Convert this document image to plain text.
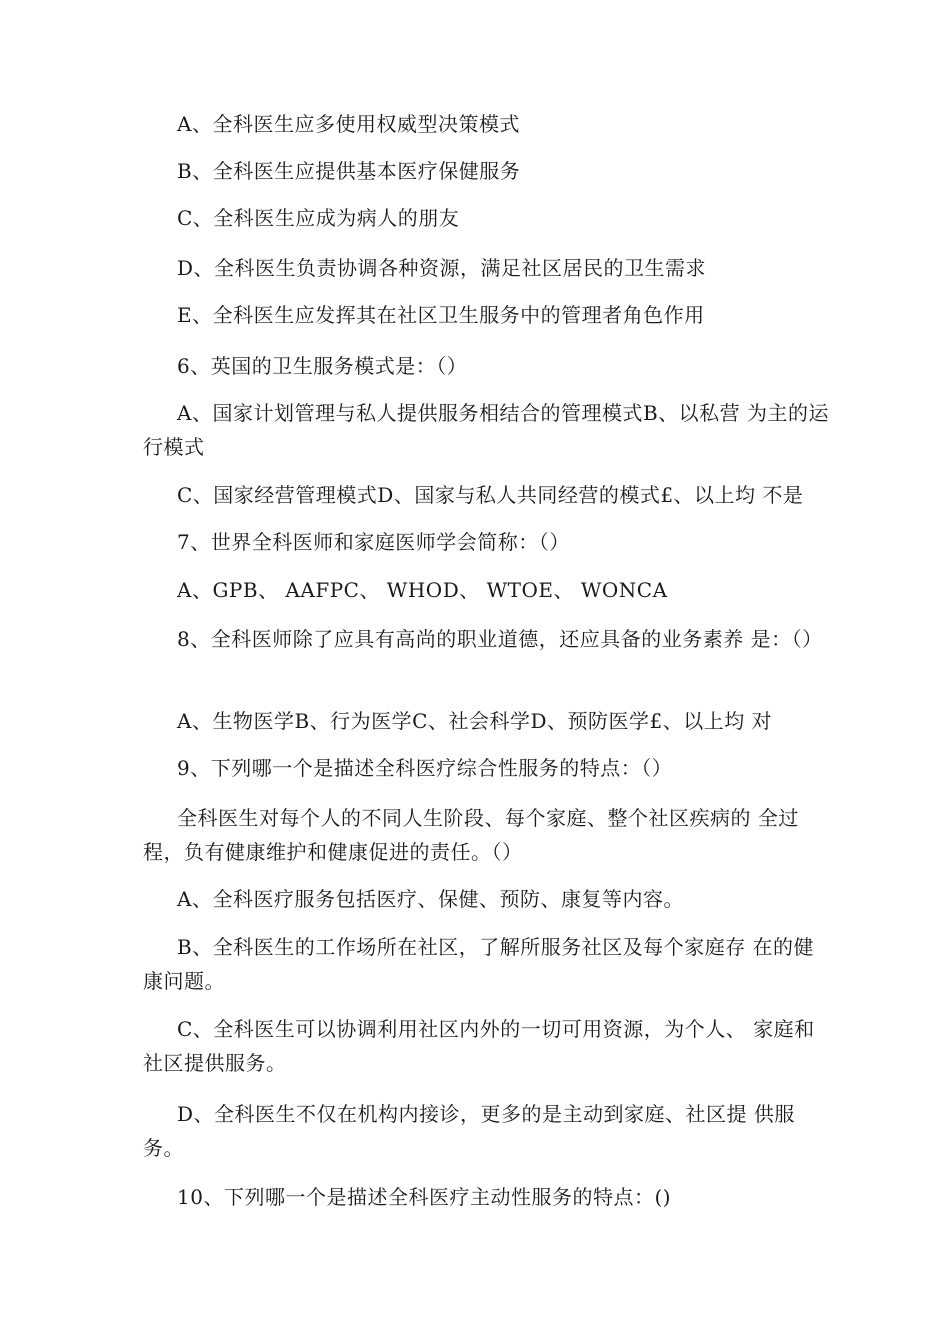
A、全科医生应多使用权威型决策模式

B、全科医生应提供基本医疗保健服务

C、全科医生应成为病人的朋友

D、全科医生负责协调各种资源，满足社区居民的卫生需求

E、全科医生应发挥其在社区卫生服务中的管理者角色作用

6、英国的卫生服务模式是：（）

A、国家计划管理与私人提供服务相结合的管理模式B、以私营 为主的运行模式

C、国家经营管理模式D、国家与私人共同经营的模式£、以上均 不是

7、世界全科医师和家庭医师学会简称：（）

A、GPB、 AAFPC、 WHOD、 WTOE、 WONCA

8、全科医师除了应具有高尚的职业道德，还应具备的业务素养 是：（）

A、生物医学B、行为医学C、社会科学D、预防医学£、以上均 对

9、下列哪一个是描述全科医疗综合性服务的特点：（）

全科医生对每个人的不同人生阶段、每个家庭、整个社区疾病的 全过程，负有健康维护和健康促进的责任。（）

A、全科医疗服务包括医疗、保健、预防、康复等内容。

B、全科医生的工作场所在社区，了解所服务社区及每个家庭存 在的健康问题。

C、全科医生可以协调利用社区内外的一切可用资源，为个人、 家庭和社区提供服务。

D、全科医生不仅在机构内接诊，更多的是主动到家庭、社区提 供服务。

10、下列哪一个是描述全科医疗主动性服务的特点：()
